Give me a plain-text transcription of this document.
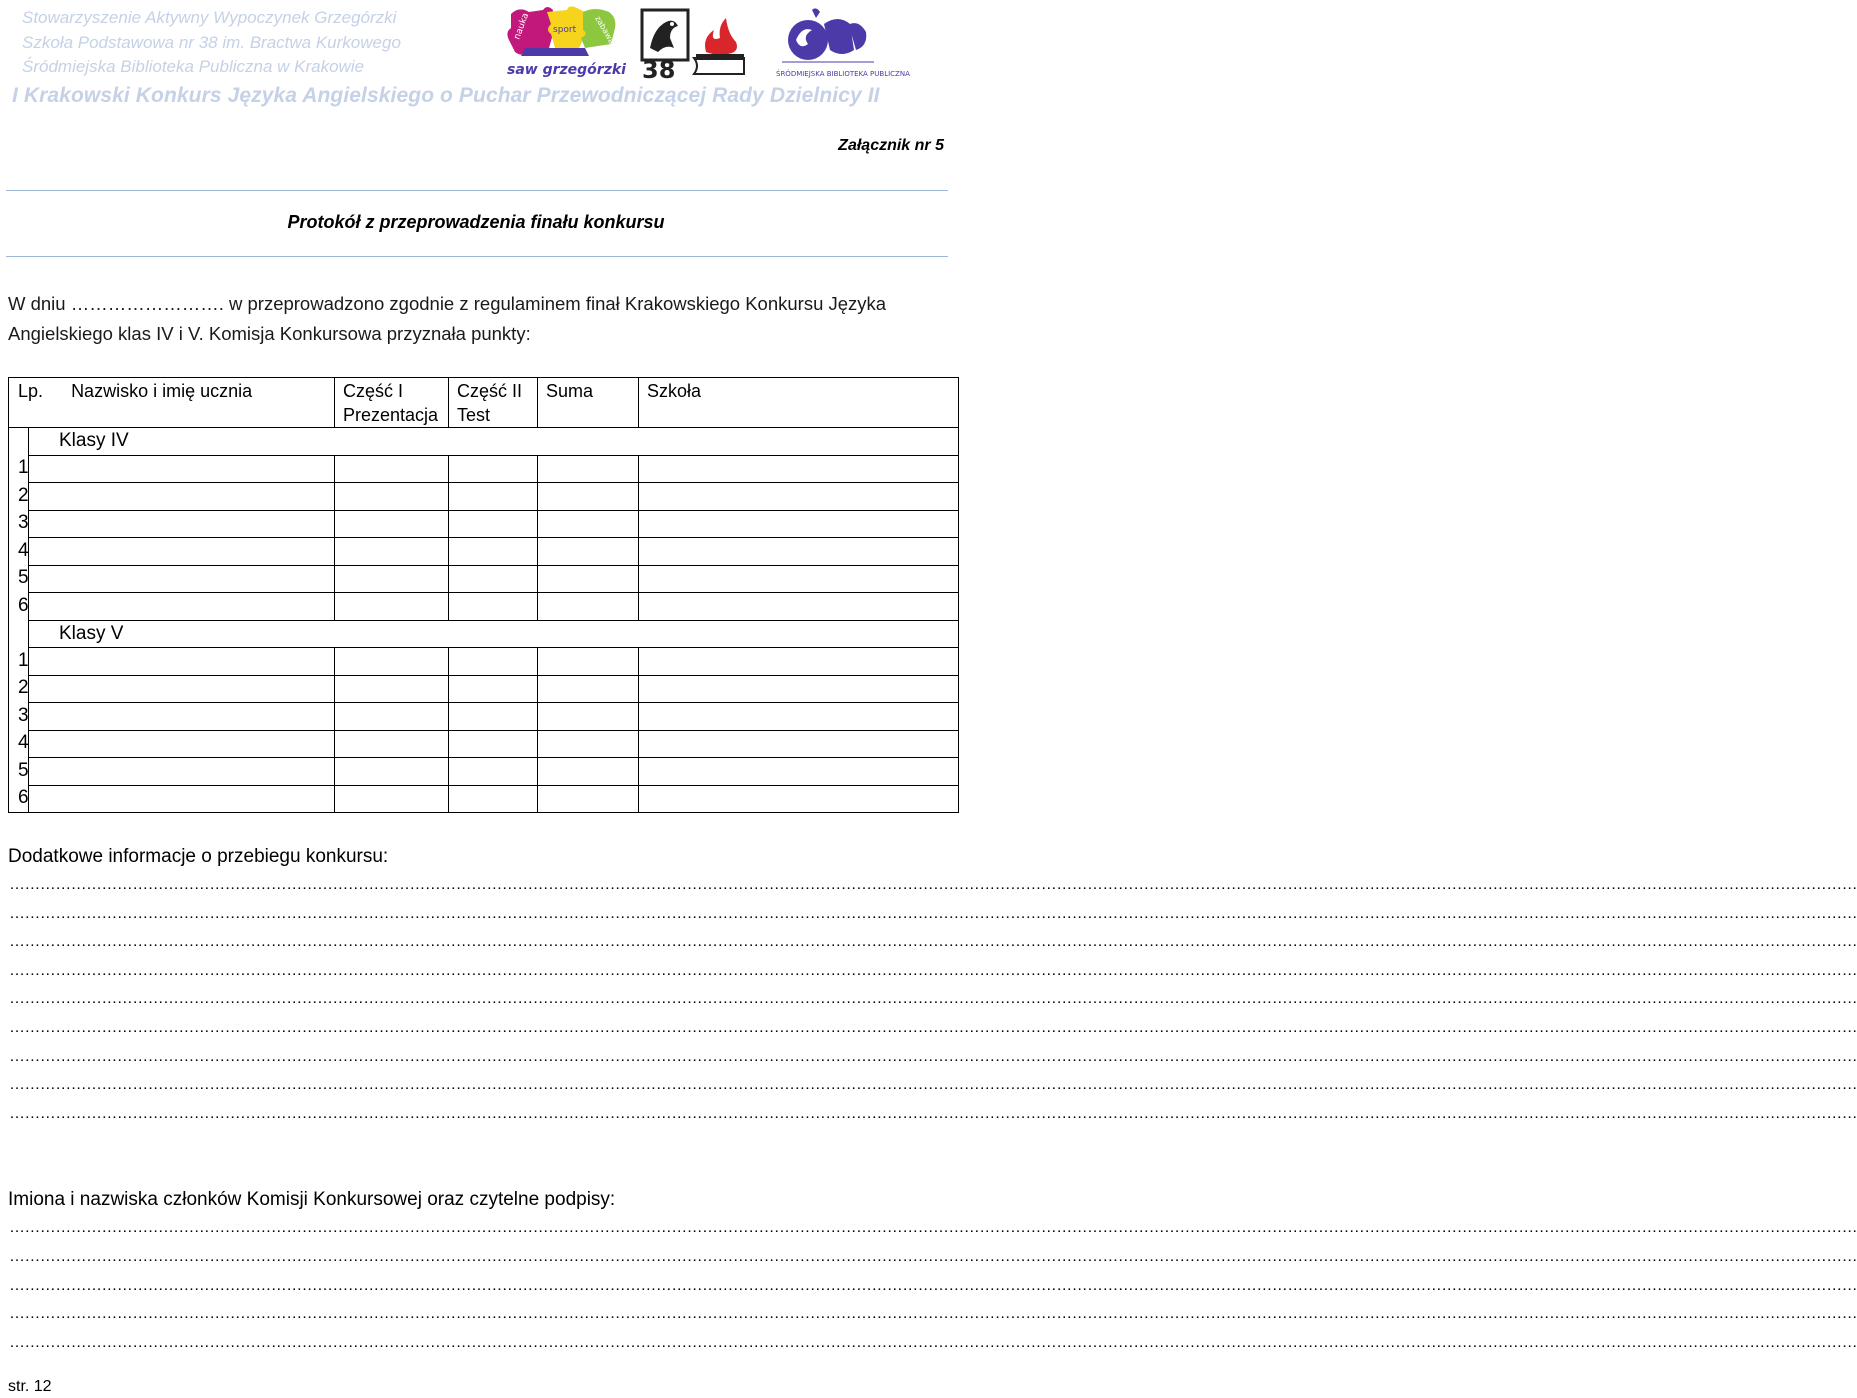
Stowarzyszenie Aktywny Wypoczynek Grzegórzki
Szkoła Podstawowa nr 38 im. Bractwa Kurkowego
Śródmiejska Biblioteka Publiczna w Krakowie
I Krakowski Konkurs Języka Angielskiego o Puchar Przewodniczącej Rady Dzielnicy II
nauka sport zabawa
saw grzegórzki 38	ŚRÓDMIEJSKA BIBLIOTEKA PUBLICZNA
Załącznik nr 5
Protokół z przeprowadzenia finału konkursu
W dniu ……………………. w przeprowadzono zgodnie z regulaminem finał Krakowskiego Konkursu Języka Angielskiego klas IV i V. Komisja Konkursowa przyznała punkty:
Lp. Nazwisko i imię ucznia		Część I Prezentacja	Część II Test	Suma	Szkoła
	Klasy IV				
1					
2					
3					
4					
5					
6					
	Klasy V				
1					
2					
3					
4					
5					
6					
Dodatkowe informacje o przebiegu konkursu:
………………………………………………………………………………………………………………………………………………………………………………………………………………………………………………………………………………………………………………………………
………………………………………………………………………………………………………………………………………………………………………………………………………………………………………………………………………………………………………………………………
………………………………………………………………………………………………………………………………………………………………………………………………………………………………………………………………………………………………………………………………
………………………………………………………………………………………………………………………………………………………………………………………………………………………………………………………………………………………………………………………………
………………………………………………………………………………………………………………………………………………………………………………………………………………………………………………………………………………………………………………………………
………………………………………………………………………………………………………………………………………………………………………………………………………………………………………………………………………………………………………………………………
………………………………………………………………………………………………………………………………………………………………………………………………………………………………………………………………………………………………………………………………
………………………………………………………………………………………………………………………………………………………………………………………………………………………………………………………………………………………………………………………………
………………………………………………………………………………………………………………………………………………………………………………………………………………………………………………………………………………………………………………………………
Imiona i nazwiska członków Komisji Konkursowej oraz czytelne podpisy:
………………………………………………………………………………………………………………………………………………………………………………………………………………………………………………………………………………………………………………………………
………………………………………………………………………………………………………………………………………………………………………………………………………………………………………………………………………………………………………………………………
………………………………………………………………………………………………………………………………………………………………………………………………………………………………………………………………………………………………………………………………
………………………………………………………………………………………………………………………………………………………………………………………………………………………………………………………………………………………………………………………………
………………………………………………………………………………………………………………………………………………………………………………………………………………………………………………………………………………………………………………………………
str. 12
